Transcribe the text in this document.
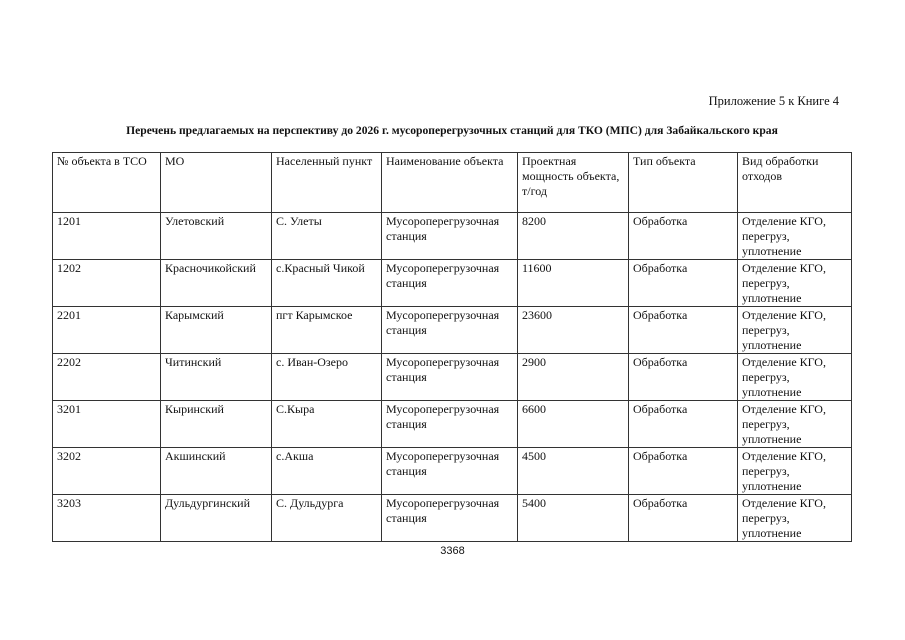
Приложение 5 к Книге 4
Перечень предлагаемых на перспективу до 2026 г. мусороперегрузочных станций для ТКО (МПС) для Забайкальского края
№ объекта в ТСО	МО	Населенный пункт	Наименование объекта	Проектная мощность объекта, т/год	Тип объекта	Вид обработки отходов
1201	Улетовский	С. Улеты	Мусороперегрузочная станция	8200	Обработка	Отделение КГО, перегруз, уплотнение
1202	Красночикойский	с.Красный Чикой	Мусороперегрузочная станция	11600	Обработка	Отделение КГО, перегруз, уплотнение
2201	Карымский	пгт Карымское	Мусороперегрузочная станция	23600	Обработка	Отделение КГО, перегруз, уплотнение
2202	Читинский	с. Иван-Озеро	Мусороперегрузочная станция	2900	Обработка	Отделение КГО, перегруз, уплотнение
3201	Кыринский	С.Кыра	Мусороперегрузочная станция	6600	Обработка	Отделение КГО, перегруз, уплотнение
3202	Акшинский	с.Акша	Мусороперегрузочная станция	4500	Обработка	Отделение КГО, перегруз, уплотнение
3203	Дульдургинский	С. Дульдурга	Мусороперегрузочная станция	5400	Обработка	Отделение КГО, перегруз, уплотнение
3368
